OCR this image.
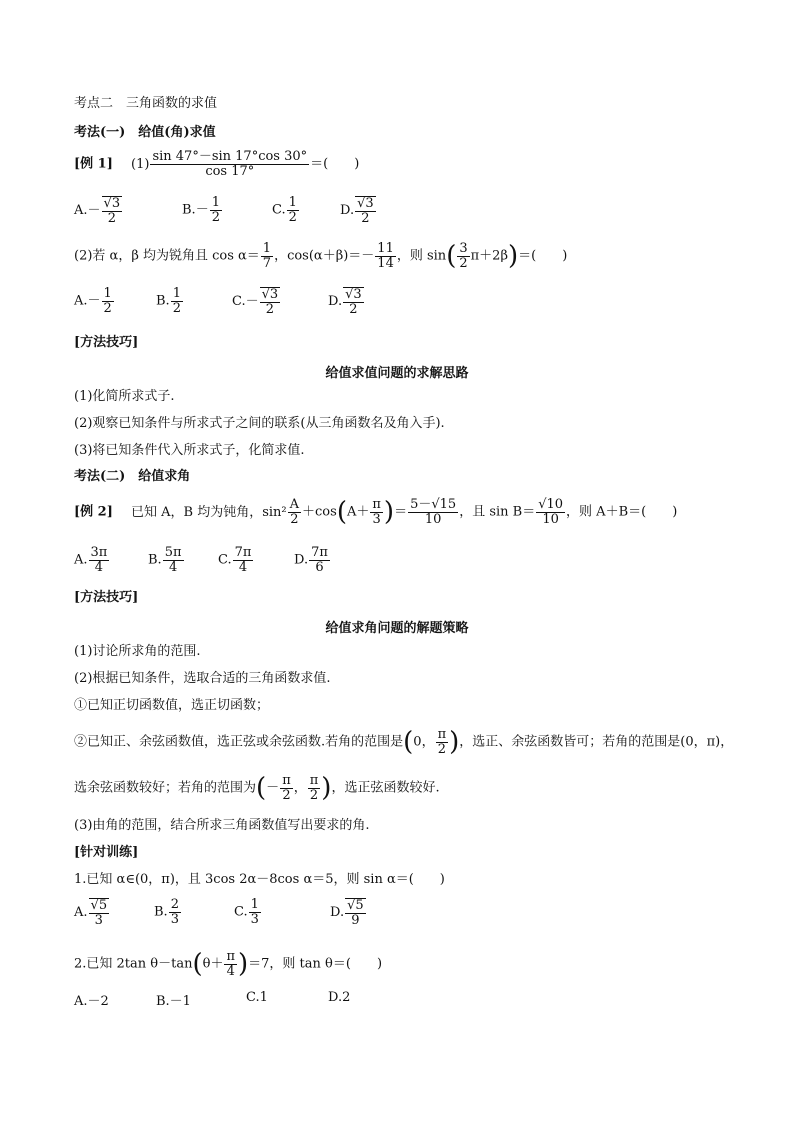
考点二　三角函数的求值
考法(一)　给值(角)求值
[例 1] $(1) \frac{\sin 47^\circ-\sin 17^\circ\cos 30^\circ}{\cos 17^\circ}$ ＝(　　)
$A.- \frac{√3}{2}$	$B.- \frac{1}{2}$	C. $\frac{1}{2}$	D. $\frac{√3}{2}$
(2)若 α，β 均为锐角且 $\cos \alpha= \frac{1}{7}$ ，$\cos(\alpha+\beta)=- \frac{11}{14}$ ，则 $\sin( \frac{3}{2} \pi+2\beta)=$(　　)
$A.- \frac{1}{2}$	B. $\frac{1}{2}$	$C.- \frac{√3}{2}$	D. $\frac{√3}{2}$
[方法技巧]
给值求值问题的求解思路
(1)化简所求式子.
(2)观察已知条件与所求式子之间的联系(从三角函数名及角入手).
(3)将已知条件代入所求式子，化简求值.
考法(二)　给值求角
[例 2] 已知 A，B 均为钝角，$\sin^2 \frac{A}{2} +\cos(A+ \frac{\pi}{3}$ )＝ $\frac{5-√15}{10}$ ，且 $\sin B= \frac{√10}{10}$ ，则 A＋B＝(　　)
A. $\frac{3\pi}{4}$	B. $\frac{5\pi}{4}$	C. $\frac{7\pi}{4}$	D. $\frac{7\pi}{6}$
[方法技巧]
给值求角问题的解题策略
(1)讨论所求角的范围.
(2)根据已知条件，选取合适的三角函数求值.
①已知正切函数值，选正切函数；
②已知正、余弦函数值，选正弦或余弦函数.若角的范围是(0， $\frac{\pi}{2}$ )，选正、余弦函数皆可；若角的范围是(0，π)，
选余弦函数较好；若角的范围为(－ $\frac{\pi}{2}$ ， $\frac{\pi}{2}$ )，选正弦函数较好.
(3)由角的范围，结合所求三角函数值写出要求的角.
[针对训练]
1.已知 α∈(0，π)，且 3cos 2α－8cos α＝5，则 sin α＝(　　)
A. $\frac{√5}{3}$	B. $\frac{2}{3}$	C. $\frac{1}{3}$	D. $\frac{√5}{9}$
2.已知 2tan $\theta-\tan(\theta+ \frac{\pi}{4} )=7$，则 tan θ＝(　　)
A.－2	B.－1	C.1	D.2
